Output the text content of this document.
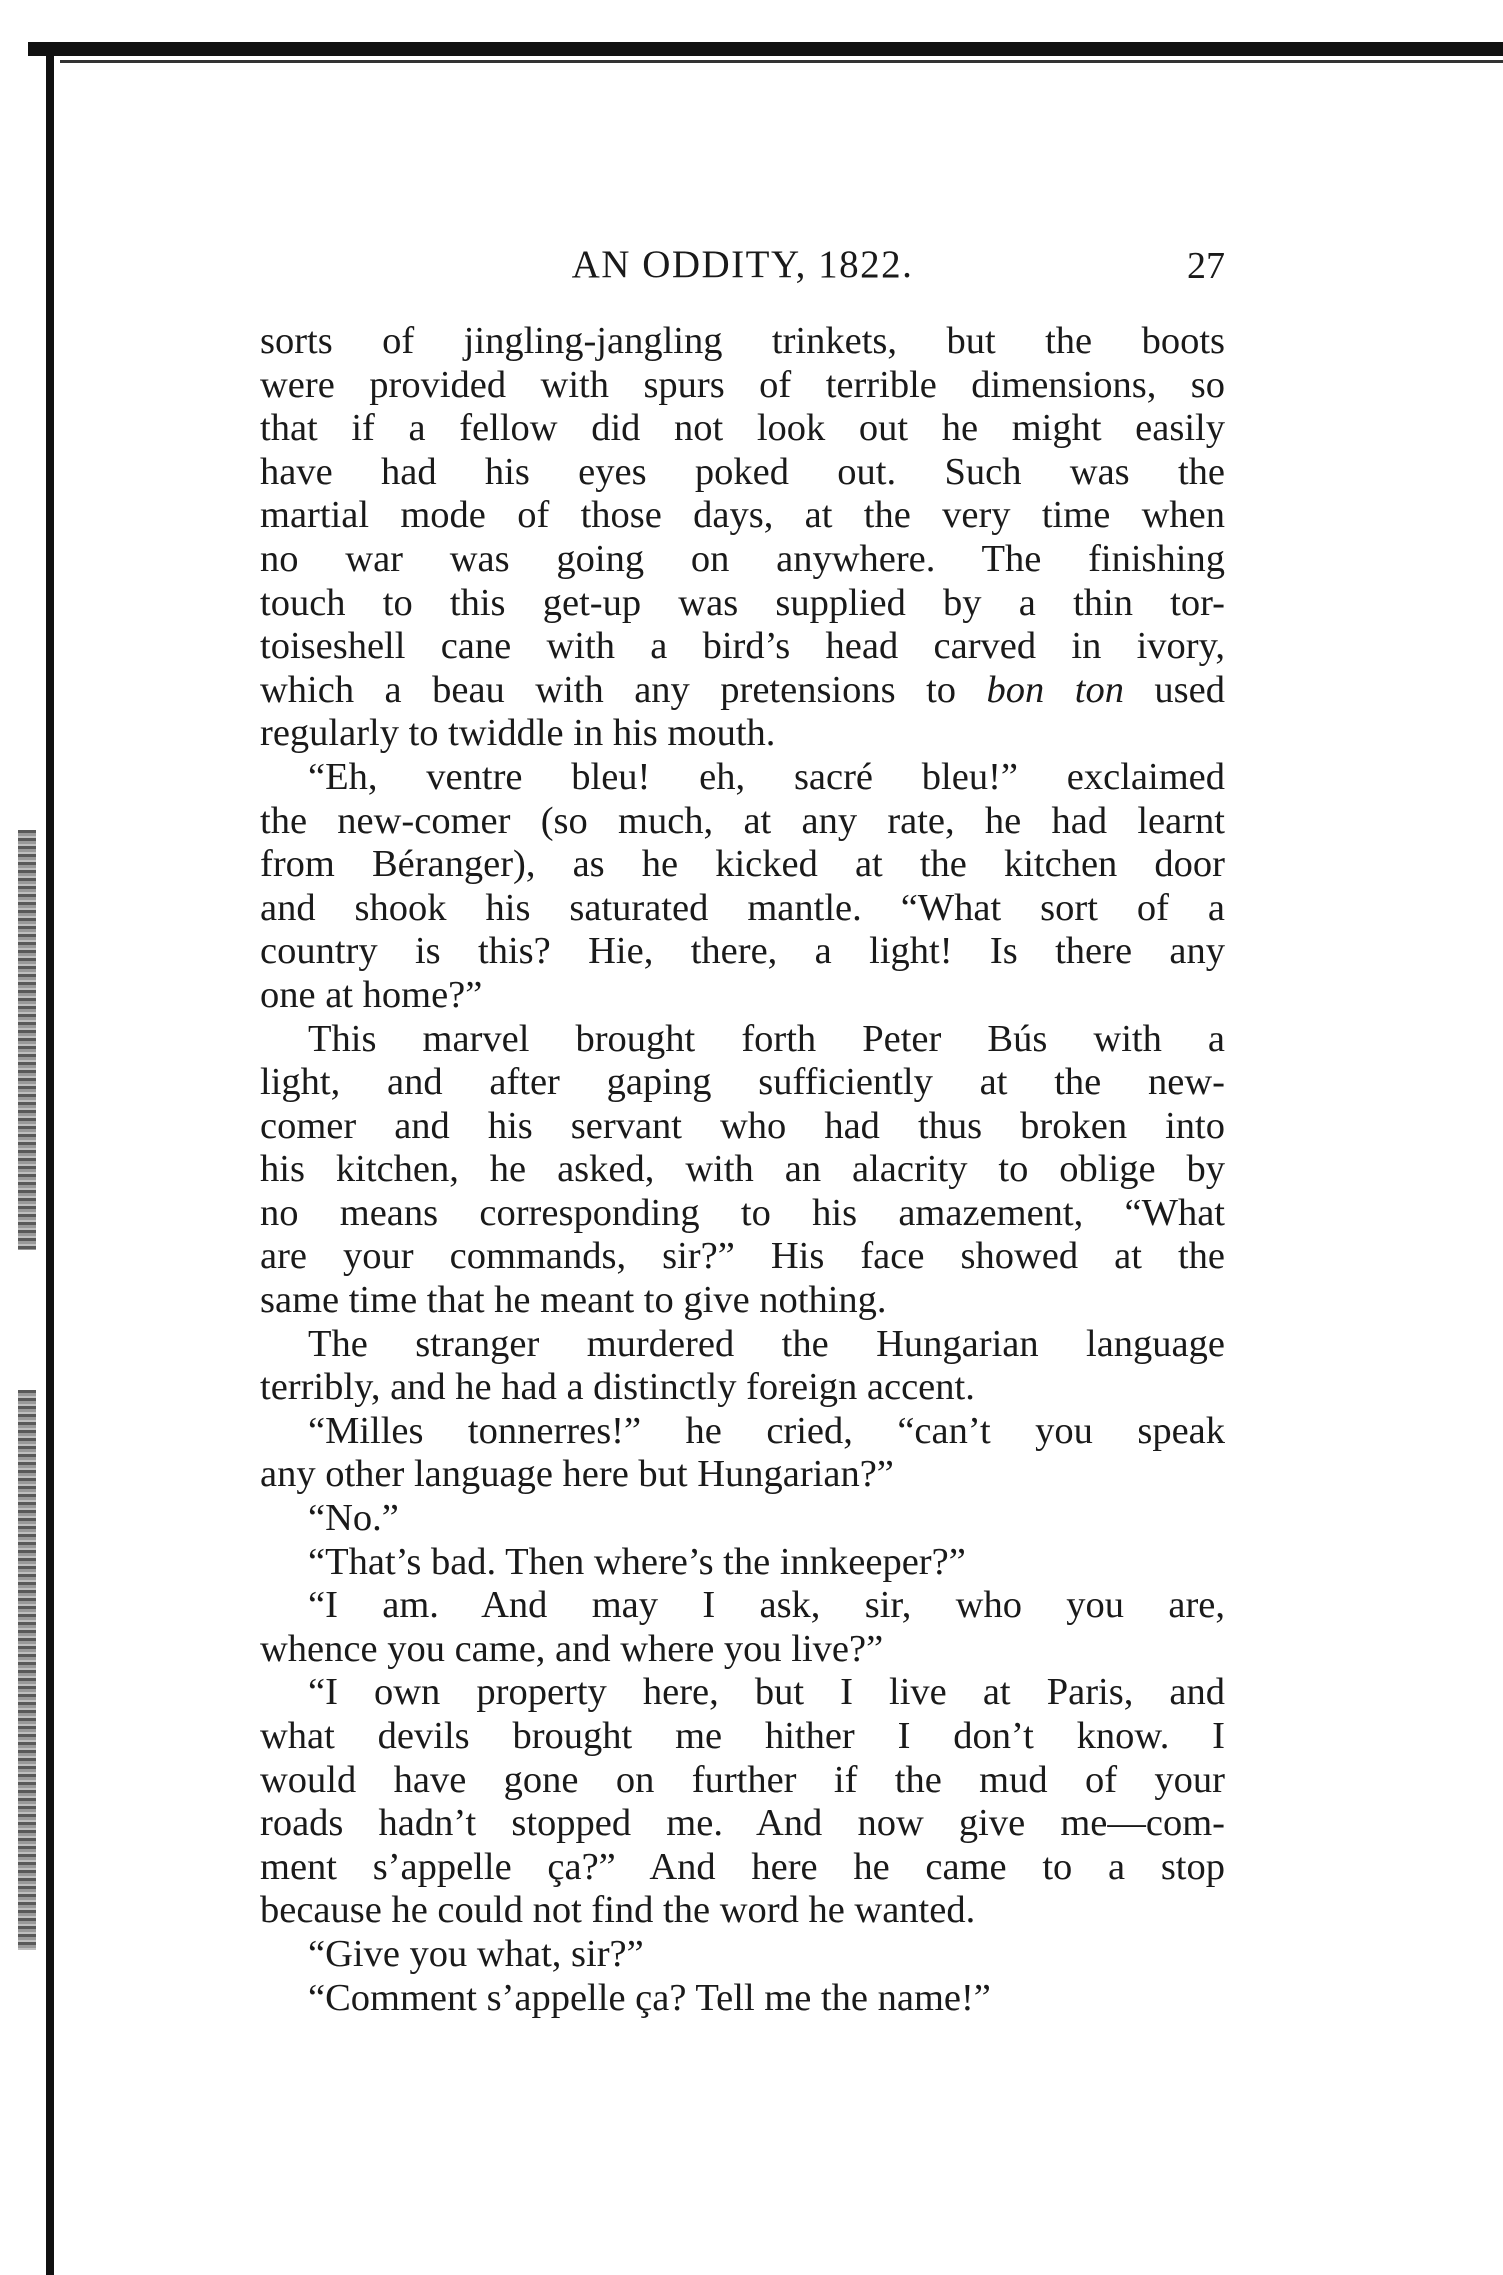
AN ODDITY, 1822.	27
sorts of jingling-jangling trinkets, but the boots
were provided with spurs of terrible dimensions, so
that if a fellow did not look out he might easily
have had his eyes poked out. Such was the
martial mode of those days, at the very time when
no war was going on anywhere. The finishing
touch to this get-up was supplied by a thin tor-
toiseshell cane with a bird’s head carved in ivory,
which a beau with any pretensions to bon ton used
regularly to twiddle in his mouth.
“Eh, ventre bleu! eh, sacré bleu!” exclaimed
the new-comer (so much, at any rate, he had learnt
from Béranger), as he kicked at the kitchen door
and shook his saturated mantle. “What sort of a
country is this? Hie, there, a light! Is there any
one at home?”
This marvel brought forth Peter Bús with a
light, and after gaping sufficiently at the new-
comer and his servant who had thus broken into
his kitchen, he asked, with an alacrity to oblige by
no means corresponding to his amazement, “What
are your commands, sir?” His face showed at the
same time that he meant to give nothing.
The stranger murdered the Hungarian language
terribly, and he had a distinctly foreign accent.
“Milles tonnerres!” he cried, “can’t you speak
any other language here but Hungarian?”
“No.”
“That’s bad. Then where’s the innkeeper?”
“I am. And may I ask, sir, who you are,
whence you came, and where you live?”
“I own property here, but I live at Paris, and
what devils brought me hither I don’t know. I
would have gone on further if the mud of your
roads hadn’t stopped me. And now give me—com-
ment s’appelle ça?” And here he came to a stop
because he could not find the word he wanted.
“Give you what, sir?”
“Comment s’appelle ça? Tell me the name!”
